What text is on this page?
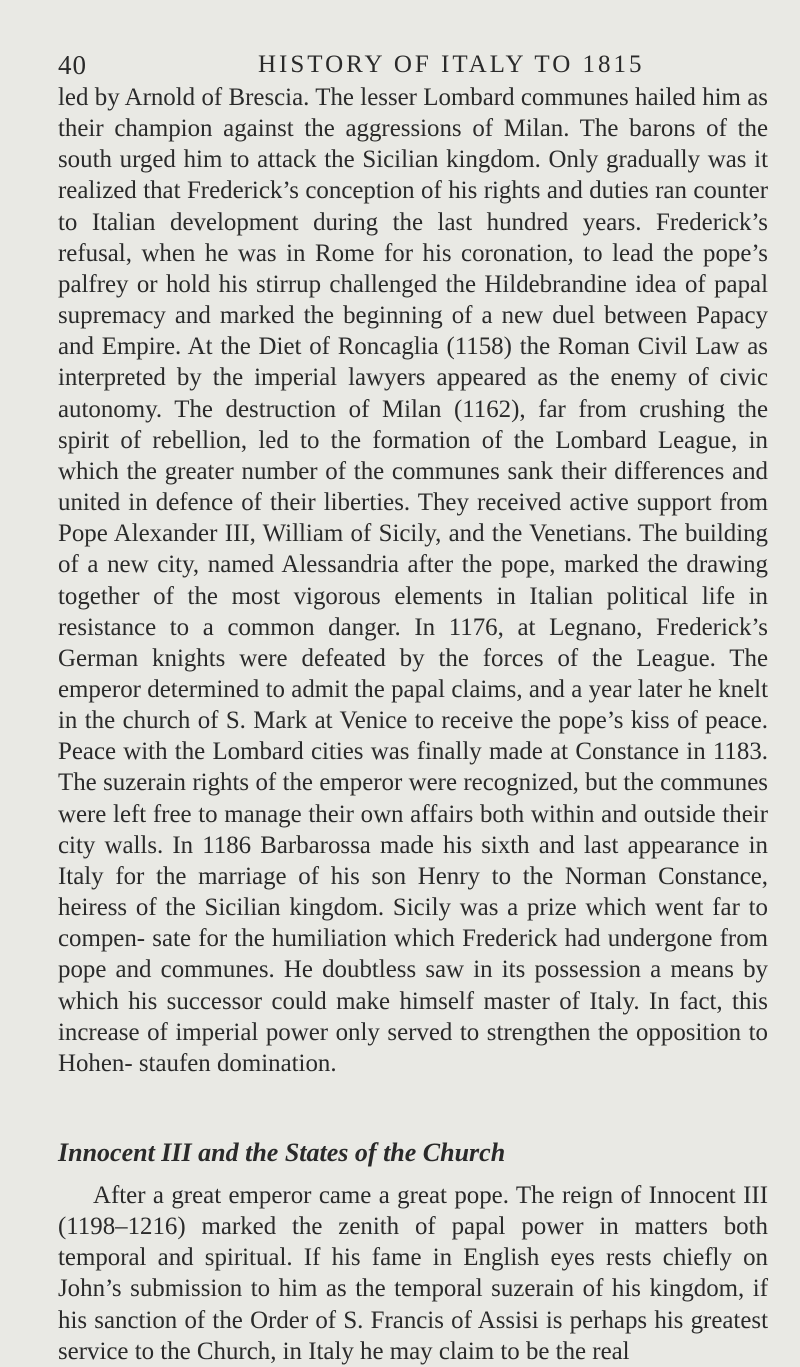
40	HISTORY OF ITALY TO 1815

led by Arnold of Brescia. The lesser Lombard communes hailed him as their champion against the aggressions of Milan. The barons of the south urged him to attack the Sicilian kingdom. Only gradually was it realized that Frederick’s conception of his rights and duties ran counter to Italian development during the last hundred years. Frederick’s refusal, when he was in Rome for his coronation, to lead the pope’s palfrey or hold his stirrup challenged the Hildebrandine idea of papal supremacy and marked the beginning of a new duel between Papacy and Empire. At the Diet of Roncaglia (1158) the Roman Civil Law as interpreted by the imperial lawyers appeared as the enemy of civic autonomy. The destruction of Milan (1162), far from crushing the spirit of rebellion, led to the formation of the Lombard League, in which the greater number of the communes sank their differences and united in defence of their liberties. They received active support from Pope Alexander III, William of Sicily, and the Venetians. The building of a new city, named Alessandria after the pope, marked the drawing together of the most vigorous elements in Italian political life in resistance to a common danger. In 1176, at Legnano, Frederick’s German knights were defeated by the forces of the League. The emperor determined to admit the papal claims, and a year later he knelt in the church of S. Mark at Venice to receive the pope’s kiss of peace. Peace with the Lombard cities was finally made at Constance in 1183. The suzerain rights of the emperor were recognized, but the communes were left free to manage their own affairs both within and outside their city walls. In 1186 Barbarossa made his sixth and last appearance in Italy for the marriage of his son Henry to the Norman Constance, heiress of the Sicilian kingdom. Sicily was a prize which went far to compen- sate for the humiliation which Frederick had undergone from pope and communes. He doubtless saw in its possession a means by which his successor could make himself master of Italy. In fact, this increase of imperial power only served to strengthen the opposition to Hohen- staufen domination.

Innocent III and the States of the Church

After a great emperor came a great pope. The reign of Innocent III (1198–1216) marked the zenith of papal power in matters both temporal and spiritual. If his fame in English eyes rests chiefly on John’s submission to him as the temporal suzerain of his kingdom, if his sanction of the Order of S. Francis of Assisi is perhaps his greatest service to the Church, in Italy he may claim to be the real
